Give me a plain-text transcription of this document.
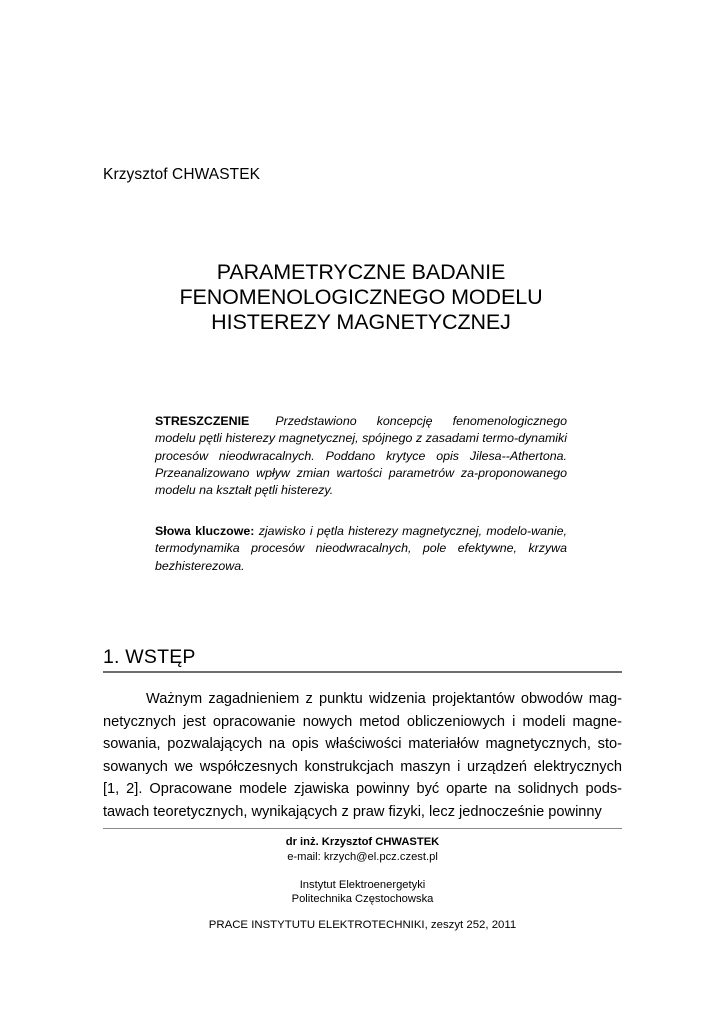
Krzysztof CHWASTEK
PARAMETRYCZNE BADANIE
FENOMENOLOGICZNEGO MODELU
HISTEREZY MAGNETYCZNEJ
STRESZCZENIE Przedstawiono koncepcję fenomenologicznego modelu pętli histerezy magnetycznej, spójnego z zasadami termo-dynamiki procesów nieodwracalnych. Poddano krytyce opis Jilesa--Athertona. Przeanalizowano wpływ zmian wartości parametrów za-proponowanego modelu na kształt pętli histerezy.
Słowa kluczowe: zjawisko i pętla histerezy magnetycznej, modelo-wanie, termodynamika procesów nieodwracalnych, pole efektywne, krzywa bezhisterezowa.
1. WSTĘP
Ważnym zagadnieniem z punktu widzenia projektantów obwodów mag-netycznych jest opracowanie nowych metod obliczeniowych i modeli magne-sowania, pozwalających na opis właściwości materiałów magnetycznych, sto-sowanych we współczesnych konstrukcjach maszyn i urządzeń elektrycznych [1, 2]. Opracowane modele zjawiska powinny być oparte na solidnych pods-tawach teoretycznych, wynikających z praw fizyki, lecz jednocześnie powinny
dr inż. Krzysztof CHWASTEK
e-mail: krzych@el.pcz.czest.pl
Instytut Elektroenergetyki
Politechnika Częstochowska
PRACE INSTYTUTU ELEKTROTECHNIKI, zeszyt 252, 2011
